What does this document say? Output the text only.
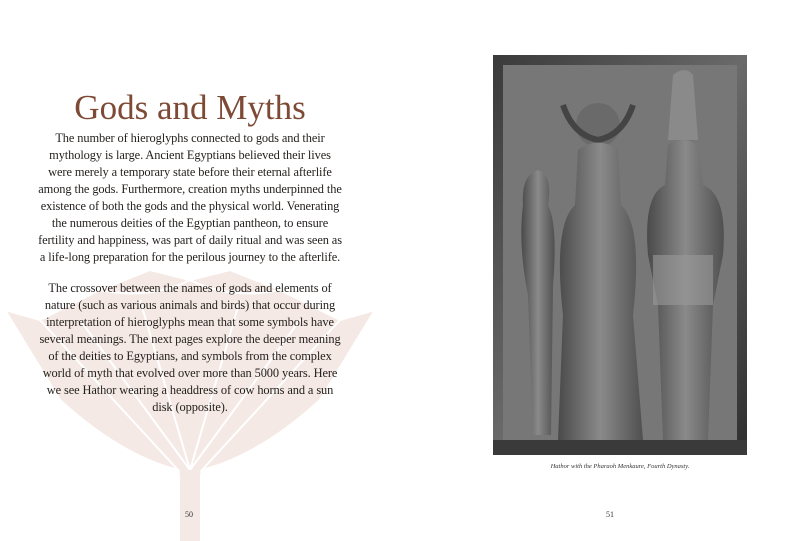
Gods and Myths

The number of hieroglyphs connected to gods and their mythology is large. Ancient Egyptians believed their lives were merely a temporary state before their eternal afterlife among the gods. Furthermore, creation myths underpinned the existence of both the gods and the physical world. Venerating the numerous deities of the Egyptian pantheon, to ensure fertility and happiness, was part of daily ritual and was seen as a life-long preparation for the perilous journey to the afterlife.

The crossover between the names of gods and elements of nature (such as various animals and birds) that occur during interpretation of hieroglyphs mean that some symbols have several meanings. The next pages explore the deeper meaning of the deities to Egyptians, and symbols from the complex world of myth that evolved over more than 5000 years. Here we see Hathor wearing a headdress of cow horns and a sun disk (opposite).

50
Hathor with the Pharaoh Menkaure, Fourth Dynasty.
51
